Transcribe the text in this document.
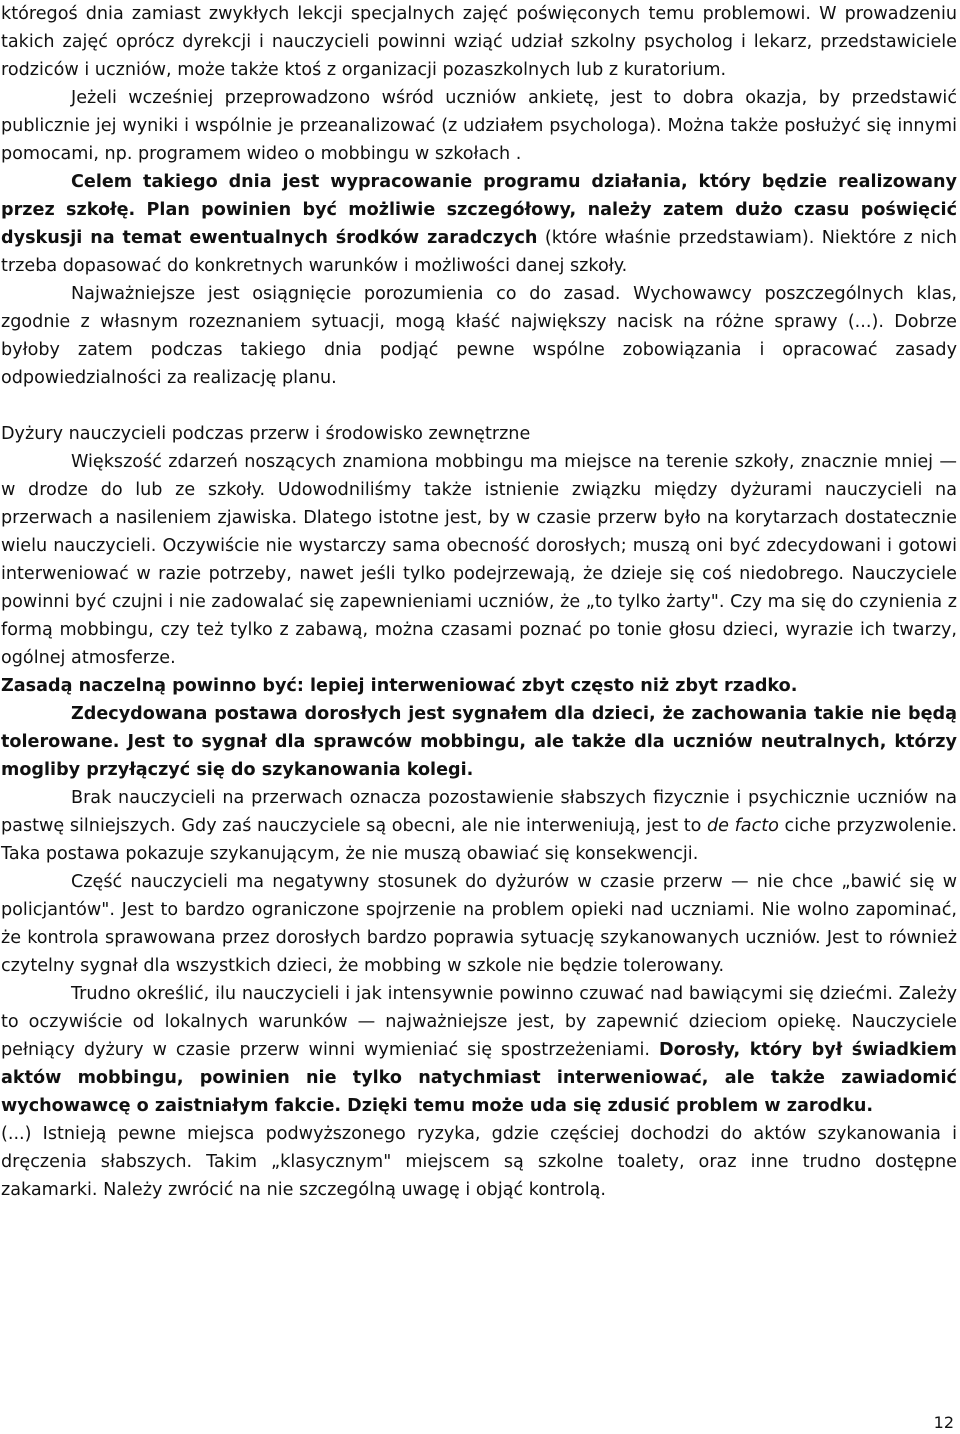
któregoś dnia zamiast zwykłych lekcji specjalnych zajęć poświęconych temu problemowi. W prowadzeniu takich zajęć oprócz dyrekcji i nauczycieli powinni wziąć udział szkolny psycholog i lekarz, przedstawiciele rodziców i uczniów, może także ktoś z organizacji pozaszkolnych lub z kuratorium.

Jeżeli wcześniej przeprowadzono wśród uczniów ankietę, jest to dobra okazja, by przedstawić publicznie jej wyniki i wspólnie je przeanalizować (z udziałem psychologa). Można także posłużyć się innymi pomocami, np. programem wideo o mobbingu w szkołach .

Celem takiego dnia jest wypracowanie programu działania, który będzie realizowany przez szkołę. Plan powinien być możliwie szczegółowy, należy zatem dużo czasu poświęcić dyskusji na temat ewentualnych środków zaradczych (które właśnie przedstawiam). Niektóre z nich trzeba dopasować do konkretnych warunków i możliwości danej szkoły.

Najważniejsze jest osiągnięcie porozumienia co do zasad. Wychowawcy poszczególnych klas, zgodnie z własnym rozeznaniem sytuacji, mogą kłaść największy nacisk na różne sprawy (...). Dobrze byłoby zatem podczas takiego dnia podjąć pewne wspólne zobowiązania i opracować zasady odpowiedzialności za realizację planu.

Dyżury nauczycieli podczas przerw i środowisko zewnętrzne

Większość zdarzeń noszących znamiona mobbingu ma miejsce na terenie szkoły, znacznie mniej — w drodze do lub ze szkoły. Udowodniliśmy także istnienie związku między dyżurami nauczycieli na przerwach a nasileniem zjawiska. Dlatego istotne jest, by w czasie przerw było na korytarzach dostatecznie wielu nauczycieli. Oczywiście nie wystarczy sama obecność dorosłych; muszą oni być zdecydowani i gotowi interweniować w razie potrzeby, nawet jeśli tylko podejrzewają, że dzieje się coś niedobrego. Nauczyciele powinni być czujni i nie zadowalać się zapewnieniami uczniów, że „to tylko żarty". Czy ma się do czynienia z formą mobbingu, czy też tylko z zabawą, można czasami poznać po tonie głosu dzieci, wyrazie ich twarzy, ogólnej atmosferze.

Zasadą naczelną powinno być: lepiej interweniować zbyt często niż zbyt rzadko.

Zdecydowana postawa dorosłych jest sygnałem dla dzieci, że zachowania takie nie będą tolerowane. Jest to sygnał dla sprawców mobbingu, ale także dla uczniów neutralnych, którzy mogliby przyłączyć się do szykanowania kolegi.

Brak nauczycieli na przerwach oznacza pozostawienie słabszych fizycznie i psychicznie uczniów na pastwę silniejszych. Gdy zaś nauczyciele są obecni, ale nie interweniują, jest to de facto ciche przyzwolenie. Taka postawa pokazuje szykanującym, że nie muszą obawiać się konsekwencji.

Część nauczycieli ma negatywny stosunek do dyżurów w czasie przerw — nie chce „bawić się w policjantów". Jest to bardzo ograniczone spojrzenie na problem opieki nad uczniami. Nie wolno zapominać, że kontrola sprawowana przez dorosłych bardzo poprawia sytuację szykanowanych uczniów. Jest to również czytelny sygnał dla wszystkich dzieci, że mobbing w szkole nie będzie tolerowany.

Trudno określić, ilu nauczycieli i jak intensywnie powinno czuwać nad bawiącymi się dziećmi. Zależy to oczywiście od lokalnych warunków — najważniejsze jest, by zapewnić dzieciom opiekę. Nauczyciele pełniący dyżury w czasie przerw winni wymieniać się spostrzeżeniami. Dorosły, który był świadkiem aktów mobbingu, powinien nie tylko natychmiast interweniować, ale także zawiadomić wychowawcę o zaistniałym fakcie. Dzięki temu może uda się zdusić problem w zarodku.

(...) Istnieją pewne miejsca podwyższonego ryzyka, gdzie częściej dochodzi do aktów szykanowania i dręczenia słabszych. Takim „klasycznym" miejscem są szkolne toalety, oraz inne trudno dostępne zakamarki. Należy zwrócić na nie szczególną uwagę i objąć kontrolą.

12
